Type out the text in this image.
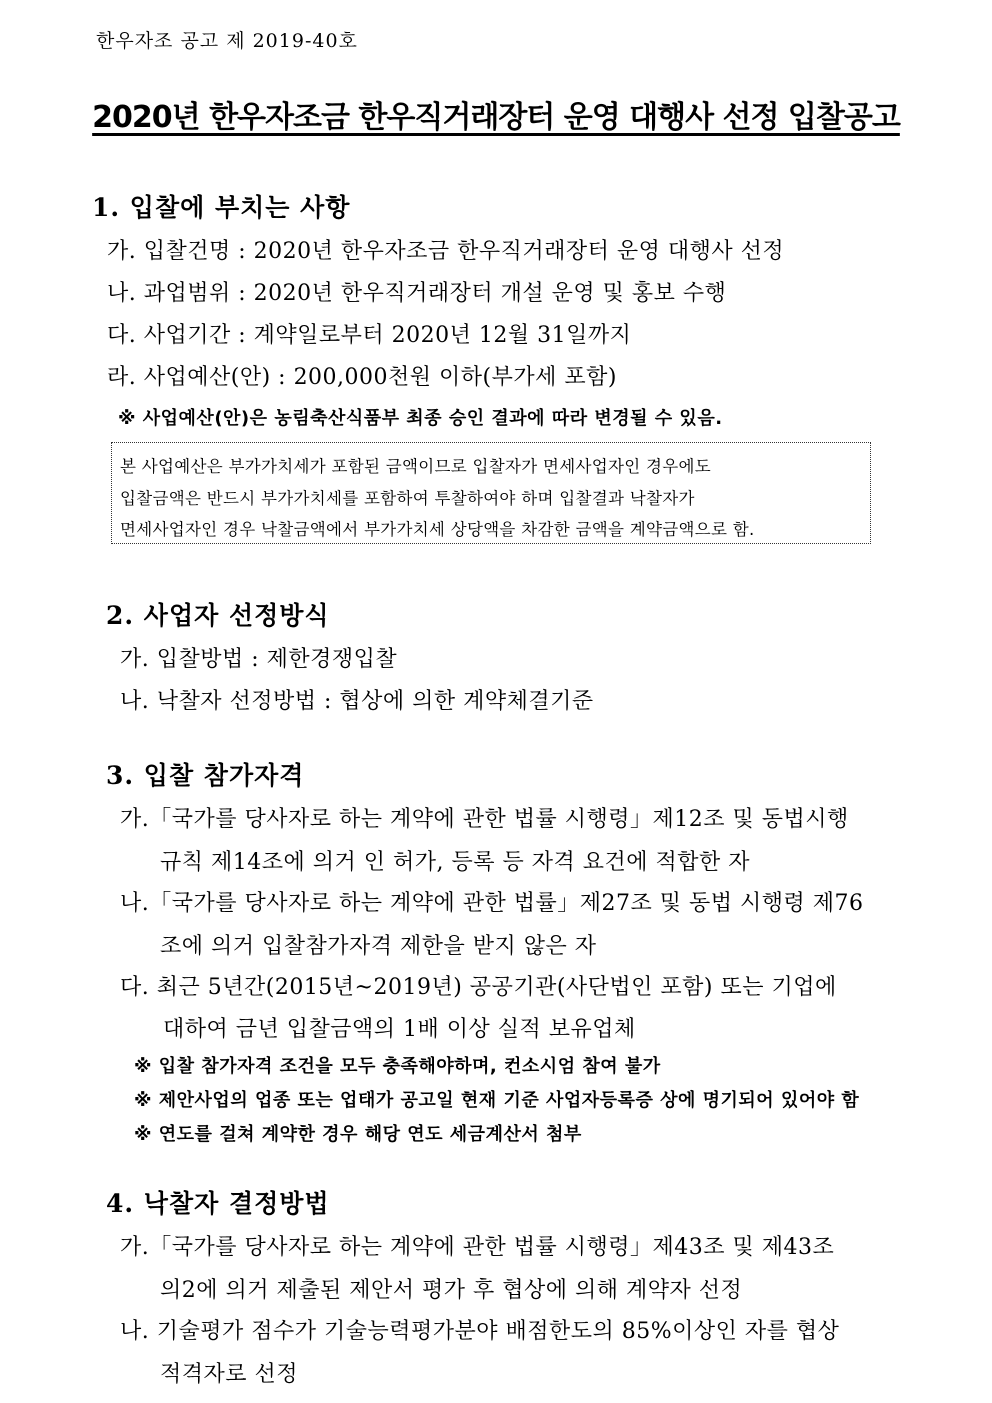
한우자조 공고 제 2019-40호
2020년 한우자조금 한우직거래장터 운영 대행사 선정 입찰공고
1. 입찰에 부치는 사항
가. 입찰건명 : 2020년 한우자조금 한우직거래장터 운영 대행사 선정
나. 과업범위 : 2020년 한우직거래장터 개설 운영 및 홍보 수행
다. 사업기간 : 계약일로부터 2020년 12월 31일까지
라. 사업예산(안) : 200,000천원 이하(부가세 포함)
※ 사업예산(안)은 농림축산식품부 최종 승인 결과에 따라 변경될 수 있음.
본 사업예산은 부가가치세가 포함된 금액이므로 입찰자가 면세사업자인 경우에도
입찰금액은 반드시 부가가치세를 포함하여 투찰하여야 하며 입찰결과 낙찰자가
면세사업자인 경우 낙찰금액에서 부가가치세 상당액을 차감한 금액을 계약금액으로 함.
2. 사업자 선정방식
가. 입찰방법 : 제한경쟁입찰
나. 낙찰자 선정방법 : 협상에 의한 계약체결기준
3. 입찰 참가자격
가.「국가를 당사자로 하는 계약에 관한 법률 시행령」제12조 및 동법시행
규칙 제14조에 의거 인 허가, 등록 등 자격 요건에 적합한 자
나.「국가를 당사자로 하는 계약에 관한 법률」제27조 및 동법 시행령 제76
조에 의거 입찰참가자격 제한을 받지 않은 자
다. 최근 5년간(2015년~2019년) 공공기관(사단법인 포함) 또는 기업에
대하여 금년 입찰금액의 1배 이상 실적 보유업체
※ 입찰 참가자격 조건을 모두 충족해야하며, 컨소시엄 참여 불가
※ 제안사업의 업종 또는 업태가 공고일 현재 기준 사업자등록증 상에 명기되어 있어야 함
※ 연도를 걸쳐 계약한 경우 해당 연도 세금계산서 첨부
4. 낙찰자 결정방법
가.「국가를 당사자로 하는 계약에 관한 법률 시행령」제43조 및 제43조
의2에 의거 제출된 제안서 평가 후 협상에 의해 계약자 선정
나. 기술평가 점수가 기술능력평가분야 배점한도의 85%이상인 자를 협상
적격자로 선정
